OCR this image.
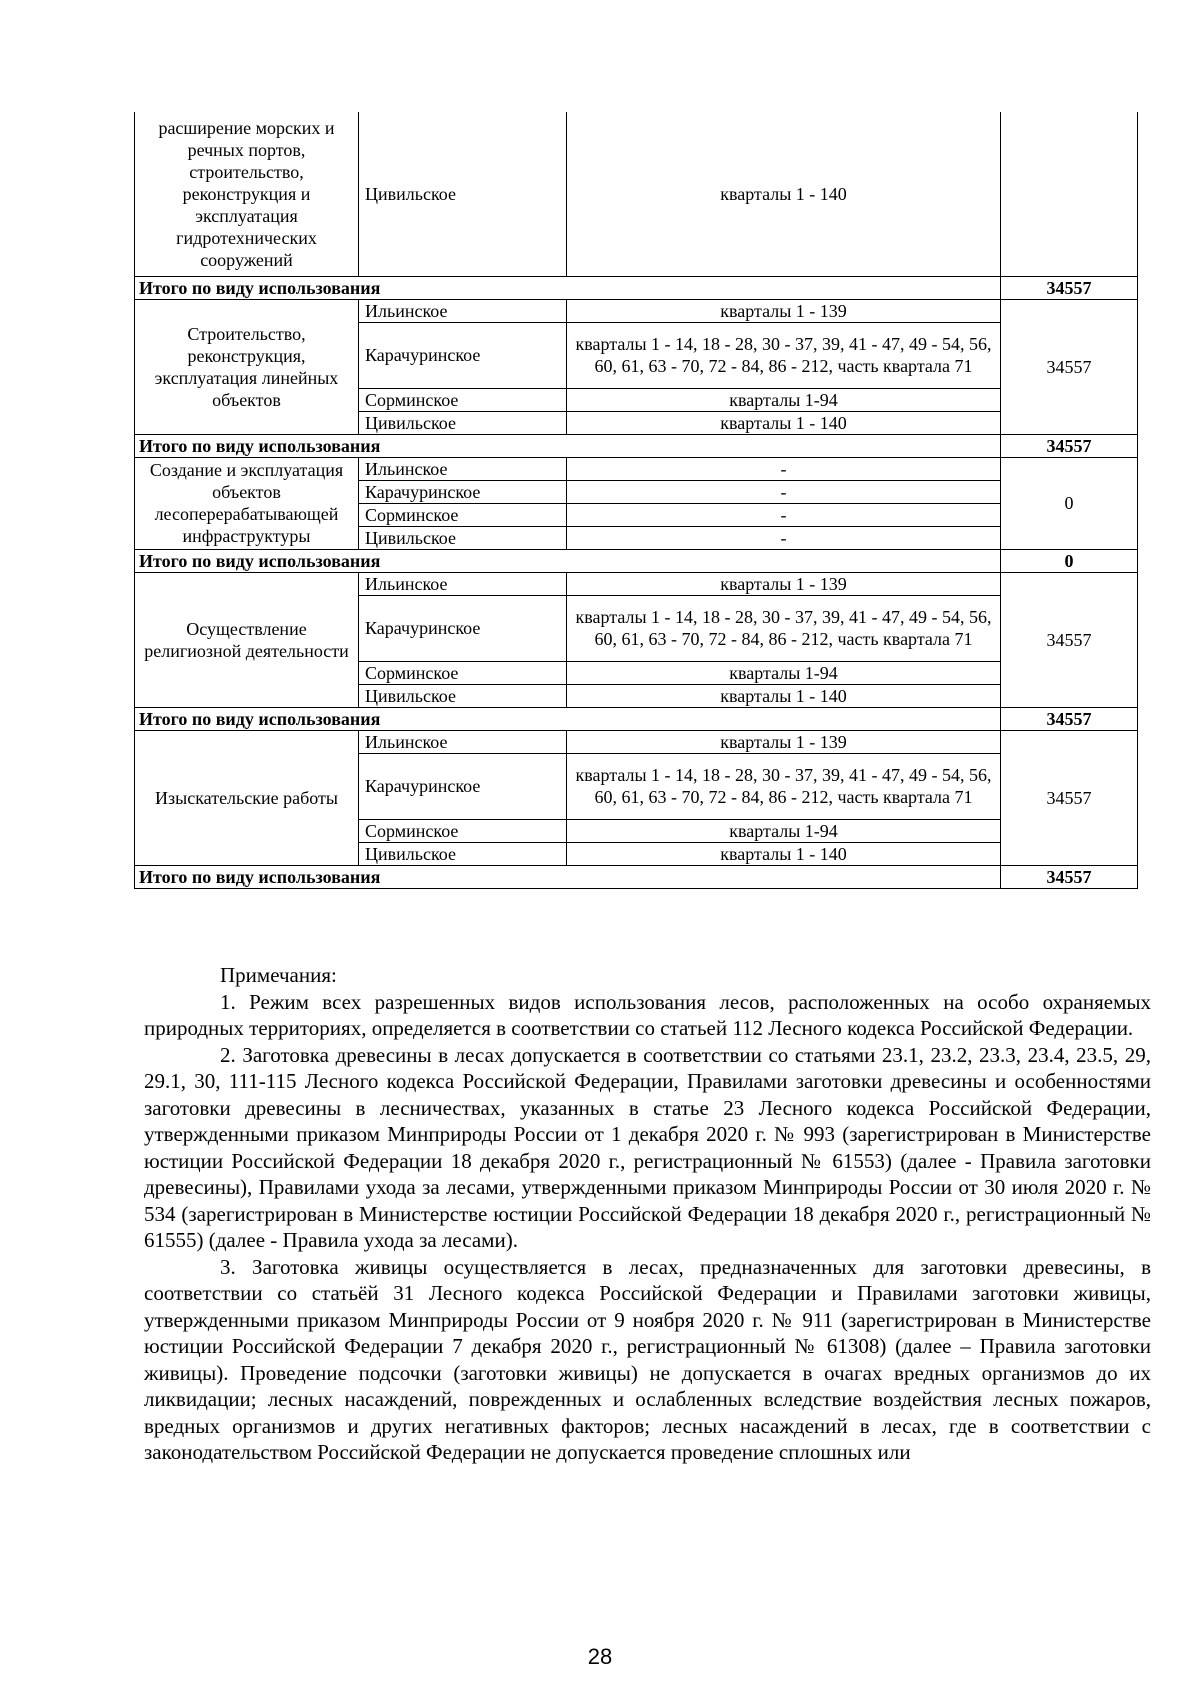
расширение морских и речных портов, строительство, реконструкция и эксплуатация гидротехнических сооружений	Цивильское	кварталы 1 - 140	
Итого по виду использования			34557
Строительство, реконструкция, эксплуатация линейных объектов	Ильинское	кварталы 1 - 139	34557
	Карачуринское	кварталы 1 - 14, 18 - 28, 30 - 37, 39, 41 - 47, 49 - 54, 56, 60, 61, 63 - 70, 72 - 84, 86 - 212, часть квартала 71	
	Сорминское	кварталы 1-94	
	Цивильское	кварталы 1 - 140	
Итого по виду использования			34557
Создание и эксплуатация объектов лесоперерабатывающей инфраструктуры	Ильинское	-	0
	Карачуринское	-	
	Сорминское	-	
	Цивильское	-	
Итого по виду использования			0
Осуществление религиозной деятельности	Ильинское	кварталы 1 - 139	34557
	Карачуринское	кварталы 1 - 14, 18 - 28, 30 - 37, 39, 41 - 47, 49 - 54, 56, 60, 61, 63 - 70, 72 - 84, 86 - 212, часть квартала 71	
	Сорминское	кварталы 1-94	
	Цивильское	кварталы 1 - 140	
Итого по виду использования			34557
Изыскательские работы	Ильинское	кварталы 1 - 139	34557
	Карачуринское	кварталы 1 - 14, 18 - 28, 30 - 37, 39, 41 - 47, 49 - 54, 56, 60, 61, 63 - 70, 72 - 84, 86 - 212, часть квартала 71	
	Сорминское	кварталы 1-94	
	Цивильское	кварталы 1 - 140	
Итого по виду использования			34557

Примечания:

1. Режим всех разрешенных видов использования лесов, расположенных на особо охраняемых природных территориях, определяется в соответствии со статьей 112 Лесного кодекса Российской Федерации.

2. Заготовка древесины в лесах допускается в соответствии со статьями 23.1, 23.2, 23.3, 23.4, 23.5, 29, 29.1, 30, 111-115 Лесного кодекса Российской Федерации, Правилами заготовки древесины и особенностями заготовки древесины в лесничествах, указанных в статье 23 Лесного кодекса Российской Федерации, утвержденными приказом Минприроды России от 1 декабря 2020 г. № 993 (зарегистрирован в Министерстве юстиции Российской Федерации 18 декабря 2020 г., регистрационный № 61553) (далее - Правила заготовки древесины), Правилами ухода за лесами, утвержденными приказом Минприроды России от 30 июля 2020 г. № 534 (зарегистрирован в Министерстве юстиции Российской Федерации 18 декабря 2020 г., регистрационный № 61555) (далее - Правила ухода за лесами).

3. Заготовка живицы осуществляется в лесах, предназначенных для заготовки древесины, в соответствии со статьёй 31 Лесного кодекса Российской Федерации и Правилами заготовки живицы, утвержденными приказом Минприроды России от 9 ноября 2020 г. № 911 (зарегистрирован в Министерстве юстиции Российской Федерации 7 декабря 2020 г., регистрационный № 61308) (далее – Правила заготовки живицы). Проведение подсочки (заготовки живицы) не допускается в очагах вредных организмов до их ликвидации; лесных насаждений, поврежденных и ослабленных вследствие воздействия лесных пожаров, вредных организмов и других негативных факторов; лесных насаждений в лесах, где в соответствии с законодательством Российской Федерации не допускается проведение сплошных или

28
